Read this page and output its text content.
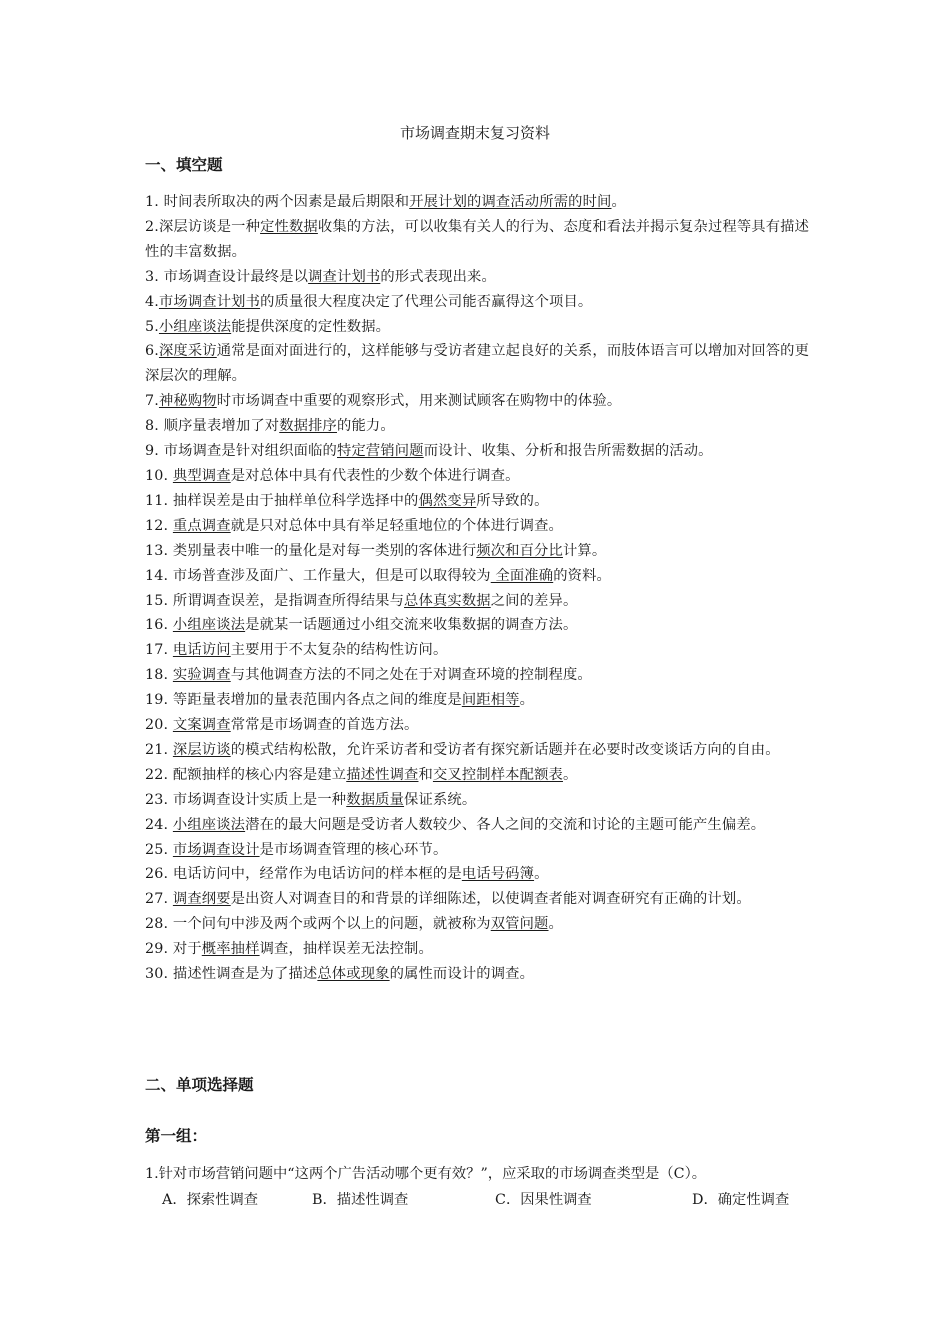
市场调查期末复习资料
一、填空题

1. 时间表所取决的两个因素是最后期限和开展计划的调查活动所需的时间。

2.深层访谈是一种定性数据收集的方法，可以收集有关人的行为、态度和看法并揭示复杂过程等具有描述性的丰富数据。

3. 市场调查设计最终是以调查计划书的形式表现出来。

4.市场调查计划书的质量很大程度决定了代理公司能否赢得这个项目。

5.小组座谈法能提供深度的定性数据。

6.深度采访通常是面对面进行的，这样能够与受访者建立起良好的关系，而肢体语言可以增加对回答的更深层次的理解。

7.神秘购物时市场调查中重要的观察形式，用来测试顾客在购物中的体验。

8. 顺序量表增加了对数据排序的能力。

9. 市场调查是针对组织面临的特定营销问题而设计、收集、分析和报告所需数据的活动。

10. 典型调查是对总体中具有代表性的少数个体进行调查。

11. 抽样误差是由于抽样单位科学选择中的偶然变异所导致的。

12. 重点调查就是只对总体中具有举足轻重地位的个体进行调查。

13. 类别量表中唯一的量化是对每一类别的客体进行频次和百分比计算。

14. 市场普查涉及面广、工作量大，但是可以取得较为 全面准确的资料。

15. 所谓调查误差，是指调查所得结果与总体真实数据之间的差异。

16. 小组座谈法是就某一话题通过小组交流来收集数据的调查方法。

17. 电话访问主要用于不太复杂的结构性访问。

18. 实验调查与其他调查方法的不同之处在于对调查环境的控制程度。

19. 等距量表增加的量表范围内各点之间的维度是间距相等。

20. 文案调查常常是市场调查的首选方法。

21. 深层访谈的模式结构松散，允许采访者和受访者有探究新话题并在必要时改变谈话方向的自由。

22. 配额抽样的核心内容是建立描述性调查和交叉控制样本配额表。

23. 市场调查设计实质上是一种数据质量保证系统。

24. 小组座谈法潜在的最大问题是受访者人数较少、各人之间的交流和讨论的主题可能产生偏差。

25. 市场调查设计是市场调查管理的核心环节。

26. 电话访问中，经常作为电话访问的样本框的是电话号码簿。

27. 调查纲要是出资人对调查目的和背景的详细陈述，以使调查者能对调查研究有正确的计划。

28. 一个问句中涉及两个或两个以上的问题，就被称为双管问题。

29. 对于概率抽样调查，抽样误差无法控制。

30. 描述性调查是为了描述总体或现象的属性而设计的调查。

二、单项选择题
第一组：
1.针对市场营销问题中“这两个广告活动哪个更有效？”，应采取的市场调查类型是（C）。
A．探索性调查	B．描述性调查	C．因果性调查	D．确定性调查
